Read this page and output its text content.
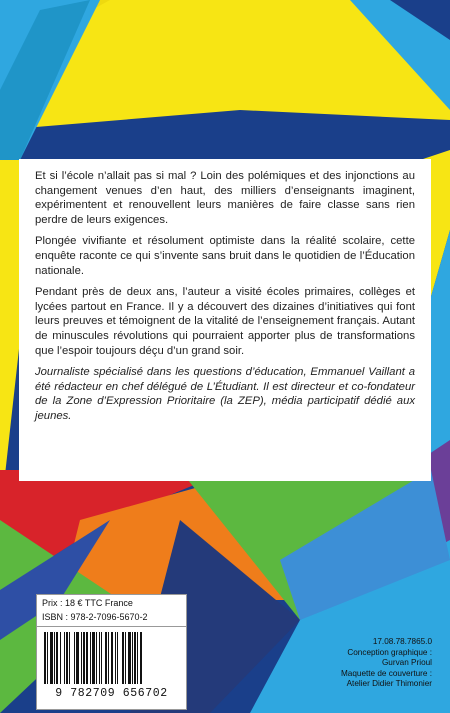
Et si l’école n’allait pas si mal ? Loin des polémiques et des injonctions au changement venues d’en haut, des milliers d’enseignants imaginent, expérimentent et renouvellent leurs manières de faire classe sans rien perdre de leurs exigences.

Plongée vivifiante et résolument optimiste dans la réalité scolaire, cette enquête raconte ce qui s’invente sans bruit dans le quotidien de l’Éducation nationale.

Pendant près de deux ans, l’auteur a visité écoles primaires, collèges et lycées partout en France. Il y a découvert des dizaines d’initiatives qui font leurs preuves et témoignent de la vitalité de l’enseignement français. Autant de minuscules révolutions qui pourraient apporter plus de transformations que l’espoir toujours déçu d’un grand soir.

Journaliste spécialisé dans les questions d’éducation, Emmanuel Vaillant a été rédacteur en chef délégué de L’Étudiant. Il est directeur et co-fondateur de la Zone d’Expression Prioritaire (la ZEP), média participatif dédié aux jeunes.

Prix : 18 € TTC France
ISBN : 978-2-7096-5670-2
9 782709 656702
17.08.78.7865.0
Conception graphique :
Gurvan Prioul
Maquette de couverture :
Atelier Didier Thimonier
